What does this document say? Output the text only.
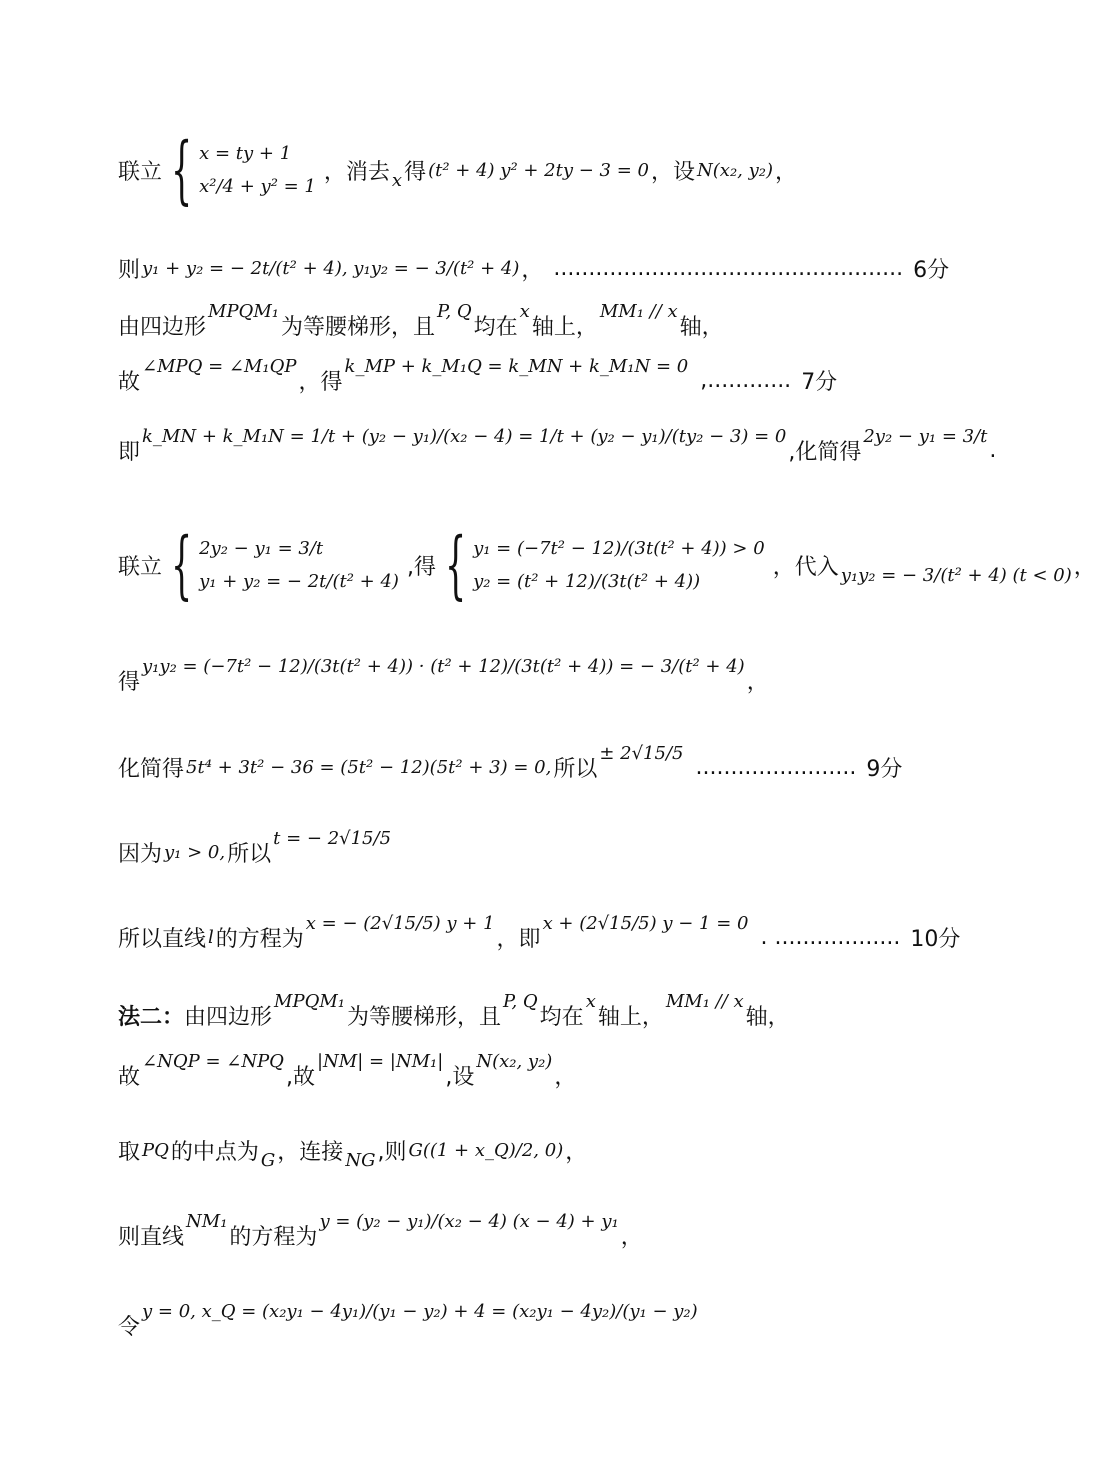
联立 { x = ty + 1
x²/4 + y² = 1
，消去 x 得 (t² + 4) y² + 2ty − 3 = 0 ，设 N(x₂, y₂) ，
则 y₁ + y₂ = − 2t/(t² + 4), y₁y₂ = − 3/(t² + 4) ， .................................................. 6分
由四边形
MPQM₁
为等腰梯形，且
P, Q
均在
x
轴上，
MM₁ // x
轴，
故
∠MPQ = ∠M₁QP
，得
k_MP + k_M₁Q = k_MN + k_M₁N = 0
,............ 7分
即
k_MN + k_M₁N = 1/t + (y₂ − y₁)/(x₂ − 4) = 1/t + (y₂ − y₁)/(ty₂ − 3) = 0
,化简得
2y₂ − y₁ = 3/t
.
联立 { 2y₂ − y₁ = 3/t
y₁ + y₂ = − 2t/(t² + 4)
,得 { y₁ = (−7t² − 12)/(3t(t² + 4)) > 0
y₂ = (t² + 12)/(3t(t² + 4))
，代入 y₁y₂ = − 3/(t² + 4) (t < 0) ，
得
y₁y₂ = (−7t² − 12)/(3t(t² + 4)) · (t² + 12)/(3t(t² + 4)) = − 3/(t² + 4)
，
化简得 5t⁴ + 3t² − 36 = (5t² − 12)(5t² + 3) = 0, 所以
± 2√15/5
....................... 9分
因为 y₁ > 0, 所以
t = − 2√15/5
所以直线 l 的方程为
x = − (2√15/5) y + 1
，即
x + (2√15/5) y − 1 = 0
. .................. 10分
法二： 由四边形
MPQM₁
为等腰梯形，且
P, Q
均在
x
轴上，
MM₁ // x
轴，
故
∠NQP = ∠NPQ
,故
|NM| = |NM₁|
,设
N(x₂, y₂)
，
取 PQ 的中点为 G ，连接 NG ,则 G((1 + x_Q)/2, 0) ，
则直线
NM₁
的方程为
y = (y₂ − y₁)/(x₂ − 4) (x − 4) + y₁
，
令
y = 0, x_Q = (x₂y₁ − 4y₁)/(y₁ − y₂) + 4 = (x₂y₁ − 4y₂)/(y₁ − y₂)
